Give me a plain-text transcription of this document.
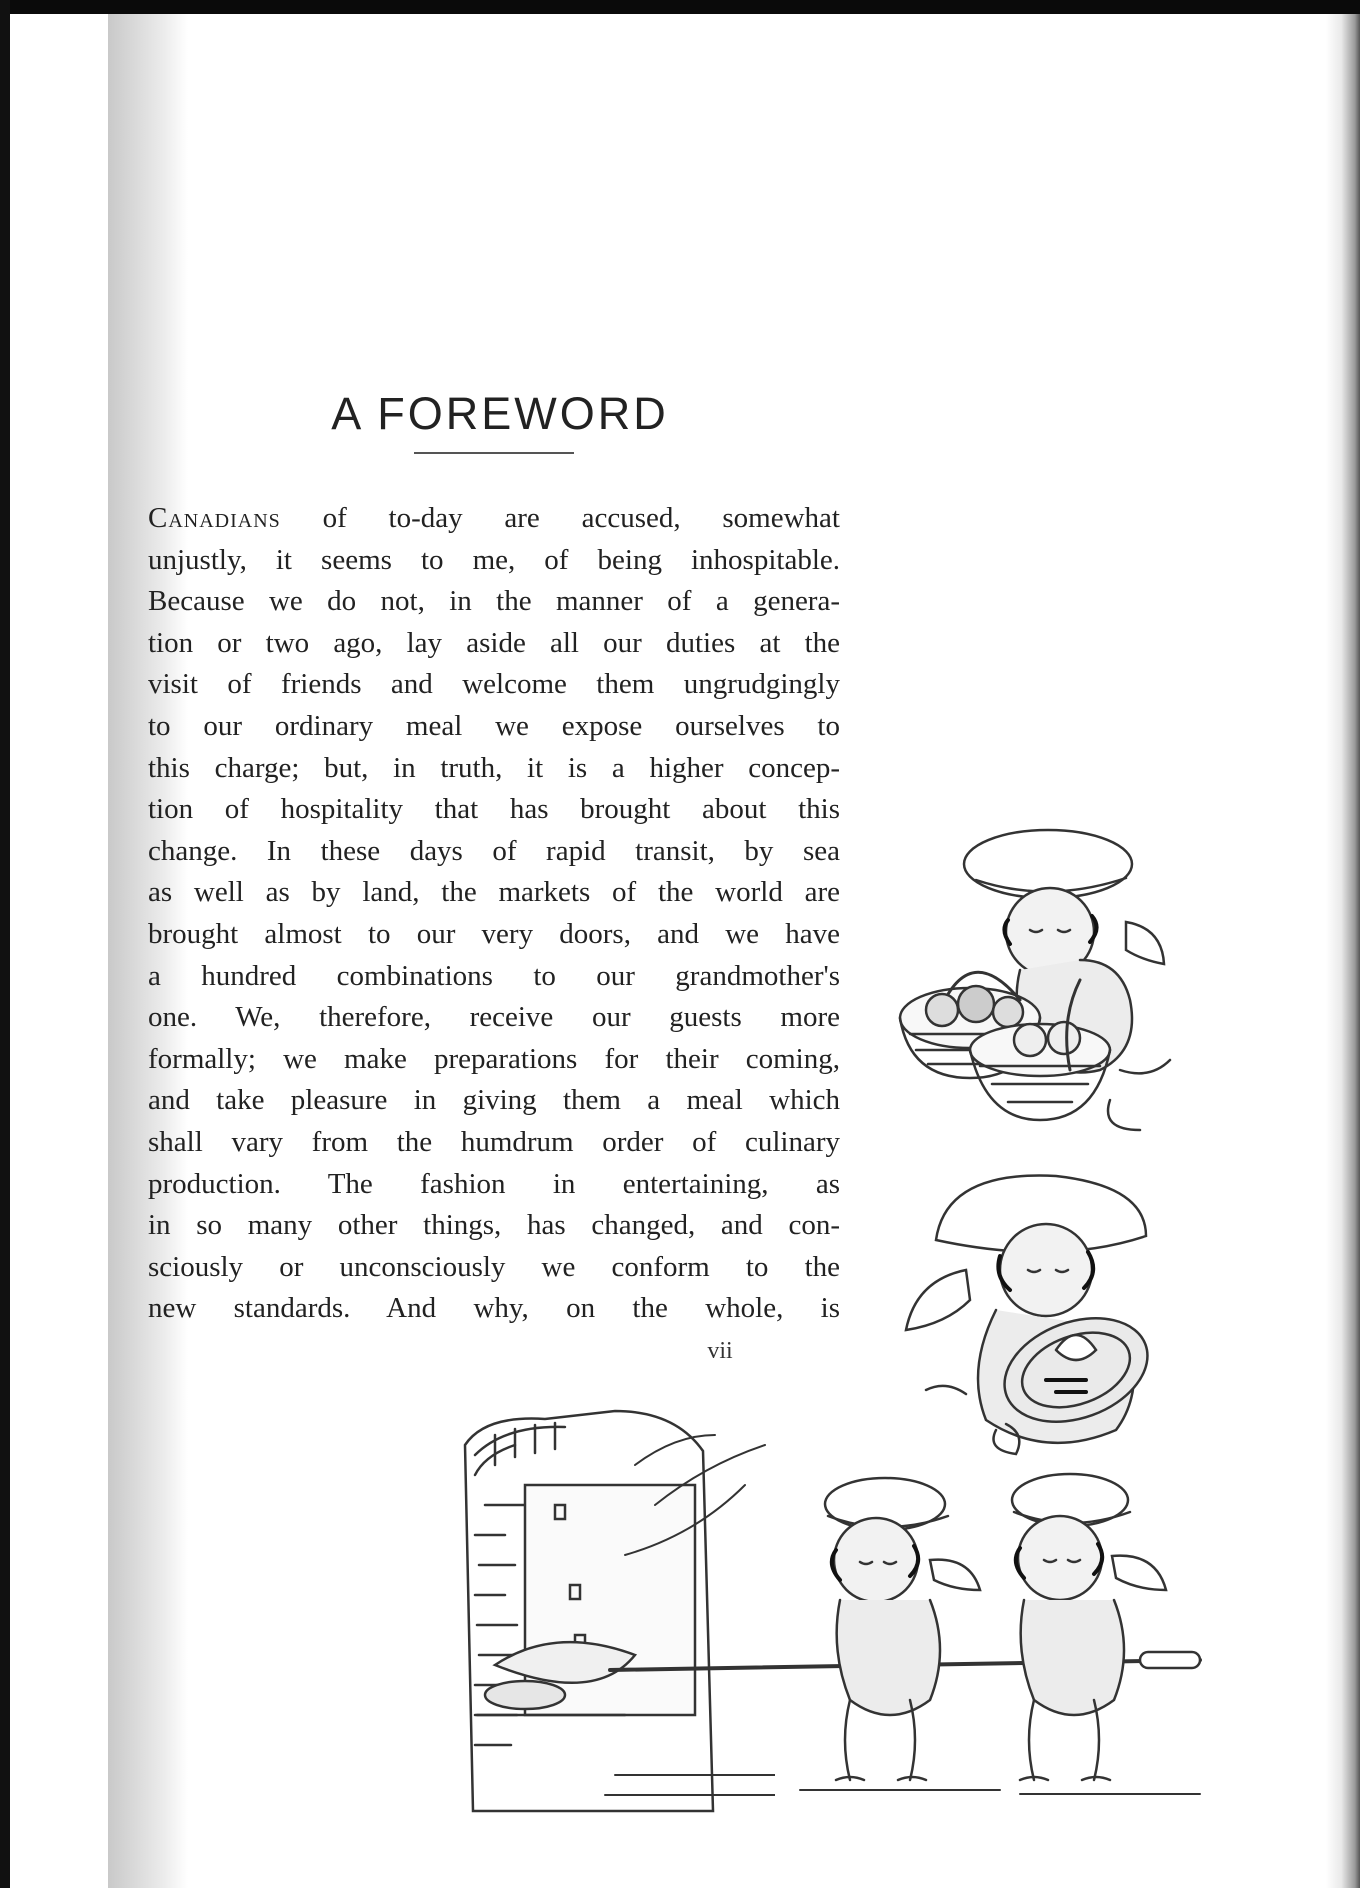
A FOREWORD
Canadians of to-day are accused, somewhat
unjustly, it seems to me, of being inhospitable.
Because we do not, in the manner of a genera-
tion or two ago, lay aside all our duties at the
visit of friends and welcome them ungrudgingly
to our ordinary meal we expose ourselves to
this charge; but, in truth, it is a higher concep-
tion of hospitality that has brought about this
change. In these days of rapid transit, by sea
as well as by land, the markets of the world are
brought almost to our very doors, and we have
a hundred combinations to our grandmother's
one. We, therefore, receive our guests more
formally; we make preparations for their coming,
and take pleasure in giving them a meal which
shall vary from the humdrum order of culinary
production. The fashion in entertaining, as
in so many other things, has changed, and con-
sciously or unconsciously we conform to the
new standards. And why, on the whole, is
vii
